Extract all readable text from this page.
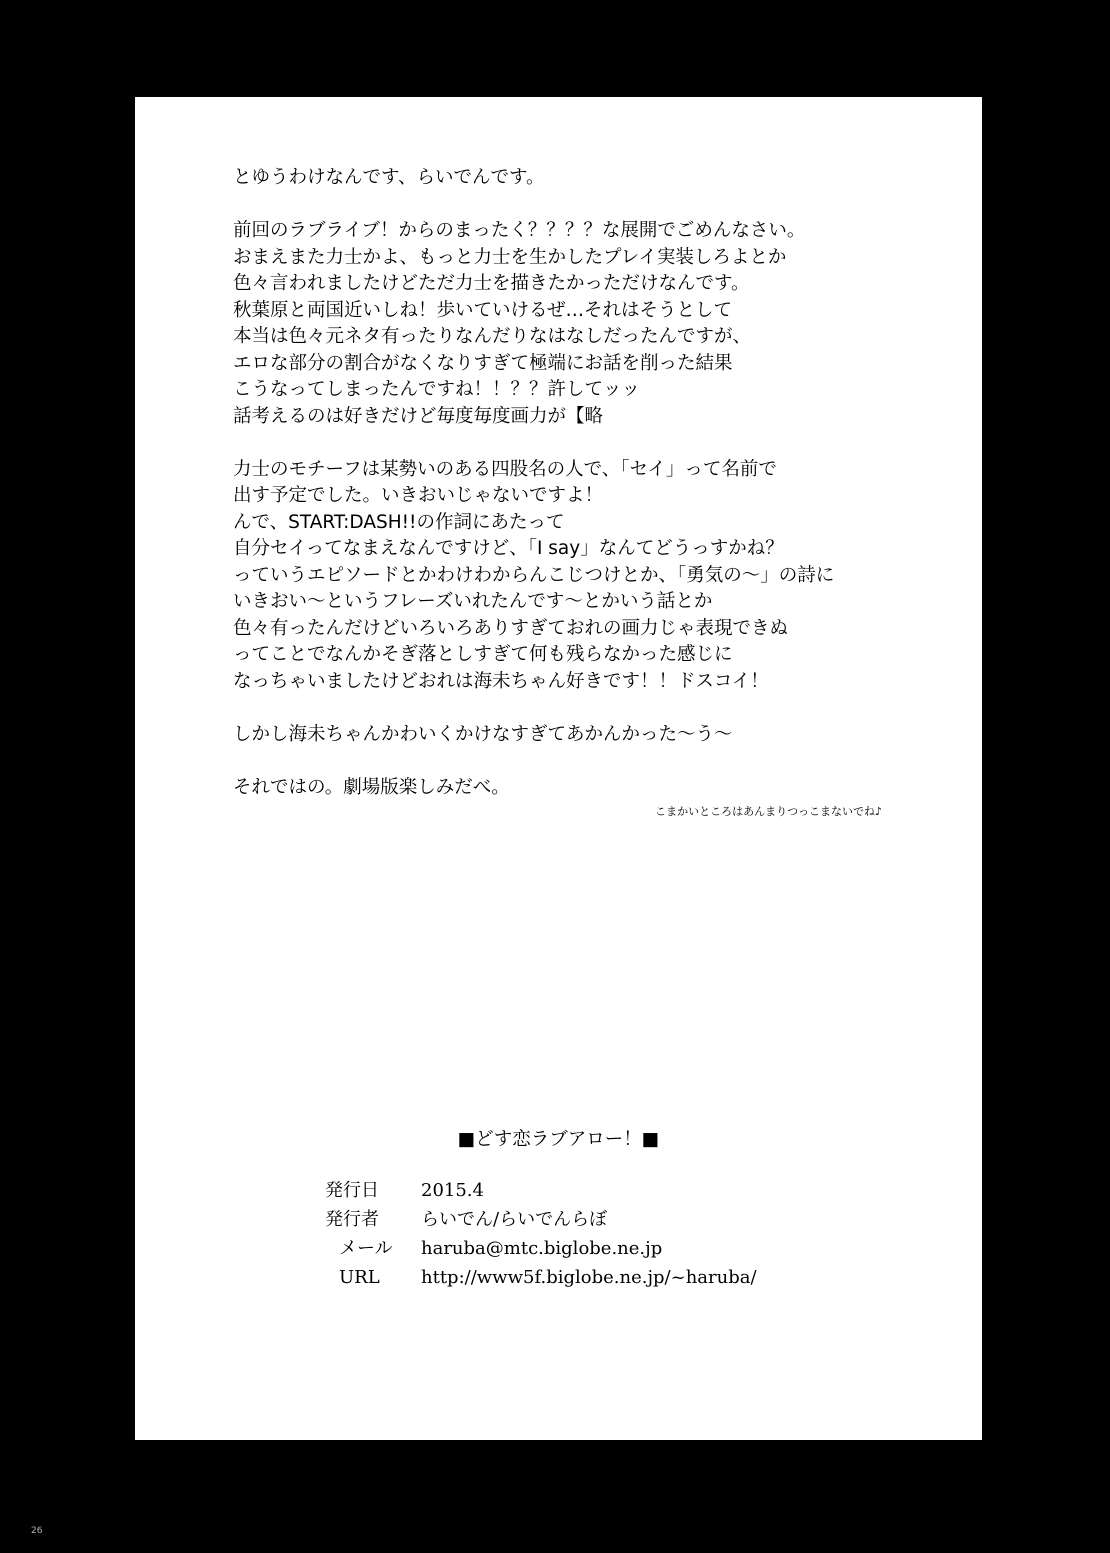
とゆうわけなんです、らいでんです。
前回のラブライブ！からのまったく？？？？な展開でごめんなさい。
おまえまた力士かよ、もっと力士を生かしたプレイ実装しろよとか
色々言われましたけどただ力士を描きたかっただけなんです。
秋葉原と両国近いしね！歩いていけるぜ…それはそうとして
本当は色々元ネタ有ったりなんだりなはなしだったんですが、
エロな部分の割合がなくなりすぎて極端にお話を削った結果
こうなってしまったんですね！！？？許してッッ
話考えるのは好きだけど毎度毎度画力が【略
力士のモチーフは某勢いのある四股名の人で、「セイ」って名前で
出す予定でした。いきおいじゃないですよ！
んで、START:DASH!!の作詞にあたって
自分セイってなまえなんですけど、「I say」なんてどうっすかね？
っていうエピソードとかわけわからんこじつけとか、「勇気の～」の詩に
いきおい～というフレーズいれたんです～とかいう話とか
色々有ったんだけどいろいろありすぎておれの画力じゃ表現できぬ
ってことでなんかそぎ落としすぎて何も残らなかった感じに
なっちゃいましたけどおれは海未ちゃん好きです！！ドスコイ！
しかし海未ちゃんかわいくかけなすぎてあかんかった～う～
それではの。劇場版楽しみだべ。
こまかいところはあんまりつっこまないでね♪
■どす恋ラブアロー！■
発行日	2015.4
発行者	らいでん/らいでんらぼ
メール	haruba@mtc.biglobe.ne.jp
URL	http://www5f.biglobe.ne.jp/~haruba/
26
